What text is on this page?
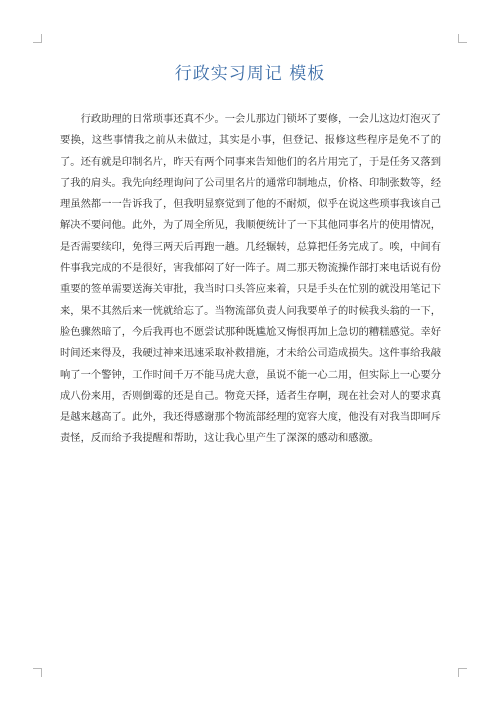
行政实习周记 模板

行政助理的日常琐事还真不少。一会儿那边门锁坏了要修，一会儿这边灯泡灭了要换，这些事情我之前从未做过，其实是小事，但登记、报修这些程序是免不了的了。还有就是印制名片，昨天有两个同事来告知他们的名片用完了，于是任务又落到了我的肩头。我先向经理询问了公司里名片的通常印制地点，价格、印制张数等，经理虽然都一一告诉我了，但我明显察觉到了他的不耐烦，似乎在说这些琐事我该自己解决不要问他。此外，为了周全所见，我顺便统计了一下其他同事名片的使用情况，是否需要续印，免得三两天后再跑一趟。几经辗转，总算把任务完成了。唉，中间有件事我完成的不是很好，害我郁闷了好一阵子。周二那天物流操作部打来电话说有份重要的签单需要送海关审批，我当时口头答应来着，只是手头在忙别的就没用笔记下来，果不其然后来一恍就给忘了。当物流部负责人问我要单子的时候我头翁的一下，脸色骤然暗了，今后我再也不愿尝试那种既尴尬又悔恨再加上急切的糟糕感觉。幸好时间还来得及，我硬过神来迅速采取补救措施，才未给公司造成损失。这件事给我敲响了一个警钟，工作时间千万不能马虎大意，虽说不能一心二用，但实际上一心要分成八份来用，否则倒霉的还是自己。物竞天择，适者生存啊，现在社会对人的要求真是越来越高了。此外，我还得感谢那个物流部经理的宽容大度，他没有对我当即呵斥责怪，反而给予我提醒和帮助，这让我心里产生了深深的感动和感激。
